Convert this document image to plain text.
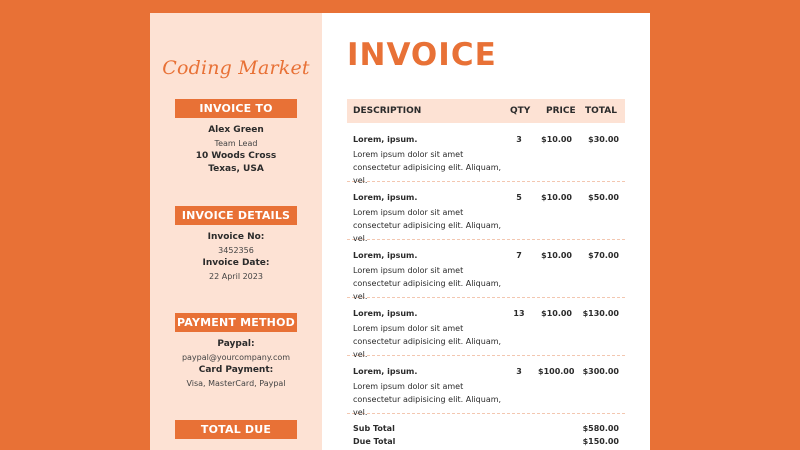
Coding Market
INVOICE TO
Alex Green
Team Lead
10 Woods Cross
Texas, USA
INVOICE DETAILS
Invoice No:
3452356
Invoice Date:
22 April 2023
PAYMENT METHOD
Paypal:
paypal@yourcompany.com
Card Payment:
Visa, MasterCard, Paypal
TOTAL DUE
INVOICE
DESCRIPTION	QTY PRICE TOTAL
Lorem, ipsum.
Lorem ipsum dolor sit amet consectetur adipisicing elit. Aliquam, vel.
3	$10.00	$30.00
Lorem, ipsum.
Lorem ipsum dolor sit amet consectetur adipisicing elit. Aliquam, vel.
5	$10.00	$50.00
Lorem, ipsum.
Lorem ipsum dolor sit amet consectetur adipisicing elit. Aliquam, vel.
7	$10.00	$70.00
Lorem, ipsum.
Lorem ipsum dolor sit amet consectetur adipisicing elit. Aliquam, vel.
13	$10.00	$130.00
Lorem, ipsum.
Lorem ipsum dolor sit amet consectetur adipisicing elit. Aliquam, vel.
3	$100.00	$300.00
Sub Total	$580.00
Due Total	$150.00
